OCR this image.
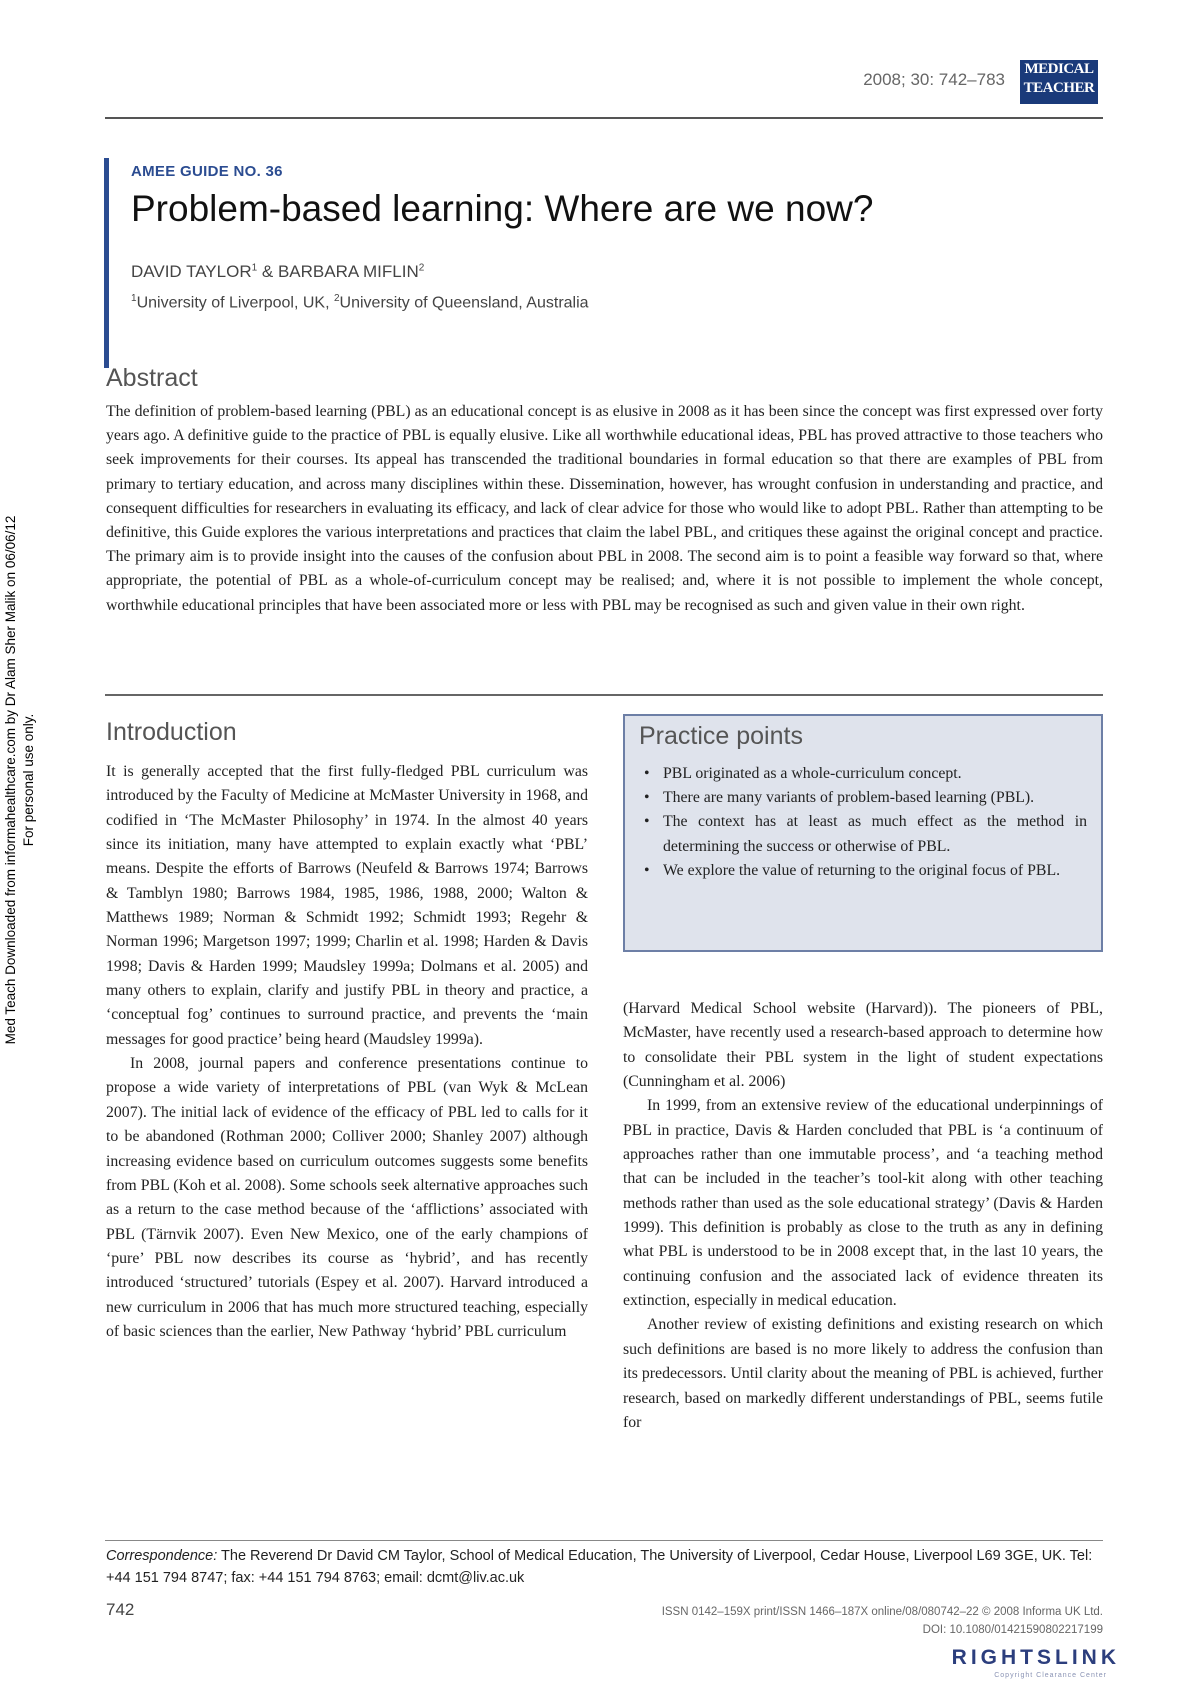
2008; 30: 742–783
MEDICAL
TEACHER
AMEE GUIDE NO. 36
Problem-based learning: Where are we now?
DAVID TAYLOR$^1$ & BARBARA MIFLIN$^2$
$^1$University of Liverpool, UK, $^2$University of Queensland, Australia
Abstract
The definition of problem-based learning (PBL) as an educational concept is as elusive in 2008 as it has been since the concept was first expressed over forty years ago. A definitive guide to the practice of PBL is equally elusive. Like all worthwhile educational ideas, PBL has proved attractive to those teachers who seek improvements for their courses. Its appeal has transcended the traditional boundaries in formal education so that there are examples of PBL from primary to tertiary education, and across many disciplines within these. Dissemination, however, has wrought confusion in understanding and practice, and consequent difficulties for researchers in evaluating its efficacy, and lack of clear advice for those who would like to adopt PBL. Rather than attempting to be definitive, this Guide explores the various interpretations and practices that claim the label PBL, and critiques these against the original concept and practice. The primary aim is to provide insight into the causes of the confusion about PBL in 2008. The second aim is to point a feasible way forward so that, where appropriate, the potential of PBL as a whole-of-curriculum concept may be realised; and, where it is not possible to implement the whole concept, worthwhile educational principles that have been associated more or less with PBL may be recognised as such and given value in their own right.
Introduction

It is generally accepted that the first fully-fledged PBL curriculum was introduced by the Faculty of Medicine at McMaster University in 1968, and codified in ‘The McMaster Philosophy’ in 1974. In the almost 40 years since its initiation, many have attempted to explain exactly what ‘PBL’ means. Despite the efforts of Barrows (Neufeld & Barrows 1974; Barrows & Tamblyn 1980; Barrows 1984, 1985, 1986, 1988, 2000; Walton & Matthews 1989; Norman & Schmidt 1992; Schmidt 1993; Regehr & Norman 1996; Margetson 1997; 1999; Charlin et al. 1998; Harden & Davis 1998; Davis & Harden 1999; Maudsley 1999a; Dolmans et al. 2005) and many others to explain, clarify and justify PBL in theory and practice, a ‘conceptual fog’ continues to surround practice, and prevents the ‘main messages for good practice’ being heard (Maudsley 1999a).

In 2008, journal papers and conference presentations continue to propose a wide variety of interpretations of PBL (van Wyk & McLean 2007). The initial lack of evidence of the efficacy of PBL led to calls for it to be abandoned (Rothman 2000; Colliver 2000; Shanley 2007) although increasing evidence based on curriculum outcomes suggests some benefits from PBL (Koh et al. 2008). Some schools seek alternative approaches such as a return to the case method because of the ‘afflictions’ associated with PBL (Tärnvik 2007). Even New Mexico, one of the early champions of ‘pure’ PBL now describes its course as ‘hybrid’, and has recently introduced ‘structured’ tutorials (Espey et al. 2007). Harvard introduced a new curriculum in 2006 that has much more structured teaching, especially of basic sciences than the earlier, New Pathway ‘hybrid’ PBL curriculum

Practice points
• PBL originated as a whole-curriculum concept.
• There are many variants of problem-based learning (PBL).
• The context has at least as much effect as the method in determining the success or otherwise of PBL.
• We explore the value of returning to the original focus of PBL.

(Harvard Medical School website (Harvard)). The pioneers of PBL, McMaster, have recently used a research-based approach to determine how to consolidate their PBL system in the light of student expectations (Cunningham et al. 2006)

In 1999, from an extensive review of the educational underpinnings of PBL in practice, Davis & Harden concluded that PBL is ‘a continuum of approaches rather than one immutable process’, and ‘a teaching method that can be included in the teacher’s tool-kit along with other teaching methods rather than used as the sole educational strategy’ (Davis & Harden 1999). This definition is probably as close to the truth as any in defining what PBL is understood to be in 2008 except that, in the last 10 years, the continuing confusion and the associated lack of evidence threaten its extinction, especially in medical education.

Another review of existing definitions and existing research on which such definitions are based is no more likely to address the confusion than its predecessors. Until clarity about the meaning of PBL is achieved, further research, based on markedly different understandings of PBL, seems futile for

Med Teach Downloaded from informahealthcare.com by Dr Alam Sher Malik on 06/06/12 For personal use only.
Correspondence: The Reverend Dr David CM Taylor, School of Medical Education, The University of Liverpool, Cedar House, Liverpool L69 3GE, UK. Tel: +44 151 794 8747; fax: +44 151 794 8763; email: dcmt@liv.ac.uk
742	ISSN 0142–159X print/ISSN 1466–187X online/08/080742–22 © 2008 Informa UK Ltd.
DOI: 10.1080/01421590802217199
RIGHTSLINK
Copyright Clearance Center
